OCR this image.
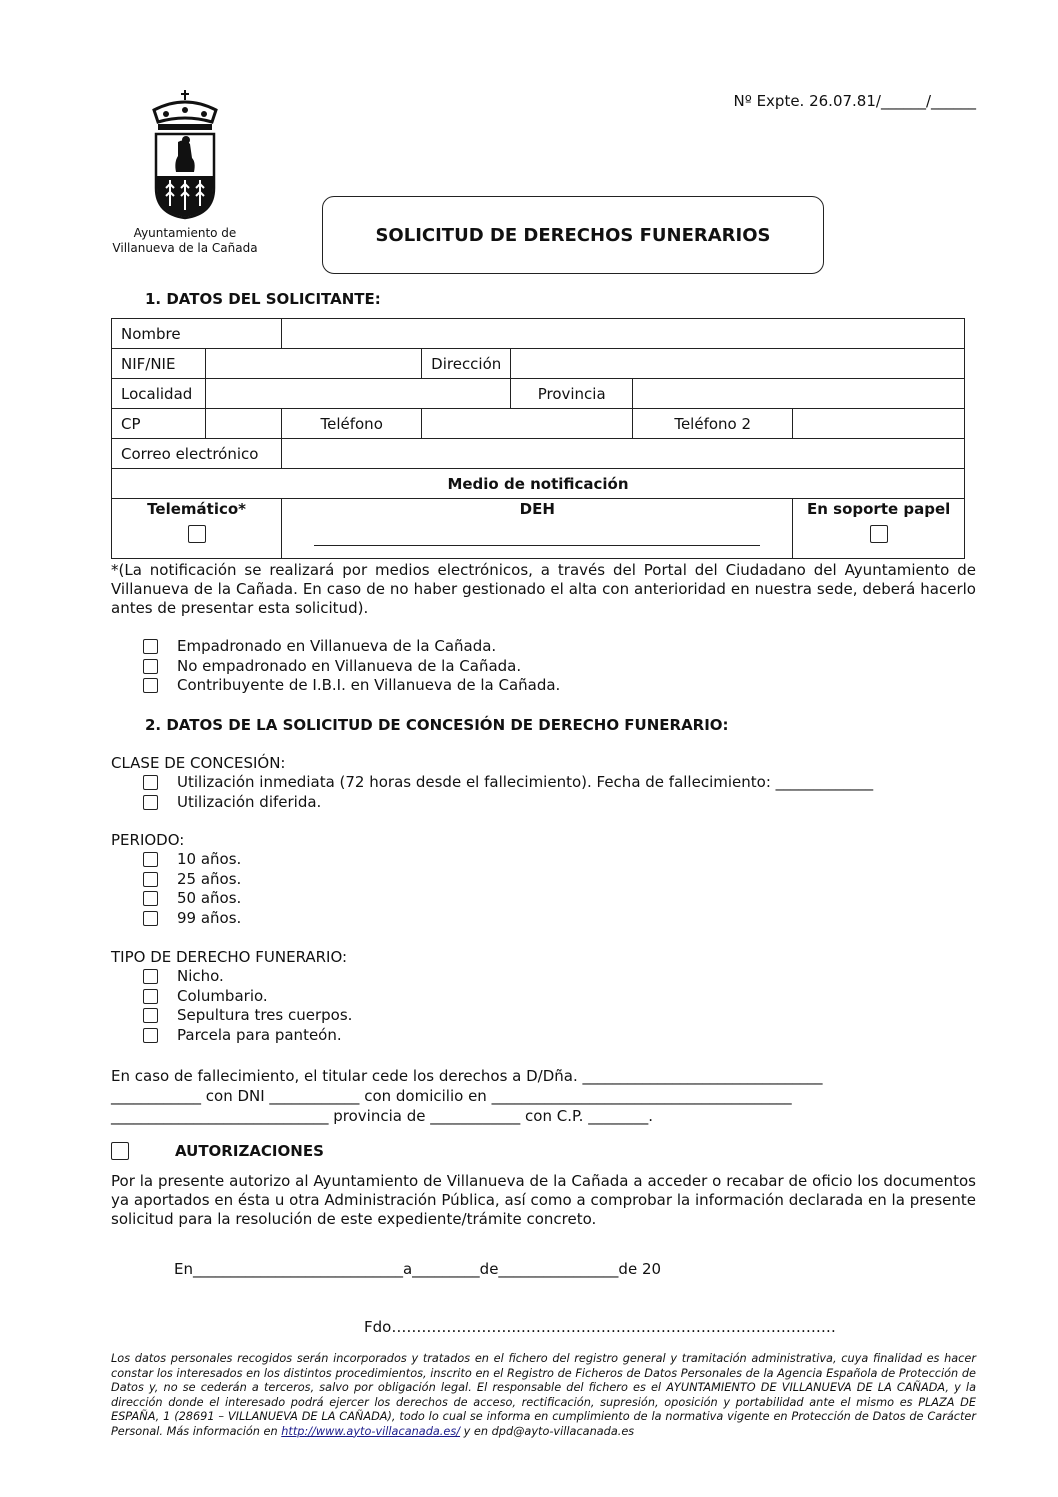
Ayuntamiento de
Villanueva de la Cañada
Nº Expte. 26.07.81/______/______
SOLICITUD DE DERECHOS FUNERARIOS
1. DATOS DEL SOLICITANTE:
Nombre						
NIF/NIE			Dirección			
Localidad				Provincia		
CP		Teléfono			Teléfono 2	
Correo electrónico						
Medio de notificación						

Telemático*		DEH				En soporte papel
*(La notificación se realizará por medios electrónicos, a través del Portal del Ciudadano del Ayuntamiento de Villanueva de la Cañada. En caso de no haber gestionado el alta con anterioridad en nuestra sede, deberá hacerlo antes de presentar esta solicitud).
Empadronado en Villanueva de la Cañada.
No empadronado en Villanueva de la Cañada.
Contribuyente de I.B.I. en Villanueva de la Cañada.
2. DATOS DE LA SOLICITUD DE CONCESIÓN DE DERECHO FUNERARIO:
CLASE DE CONCESIÓN:
Utilización inmediata (72 horas desde el fallecimiento). Fecha de fallecimiento: _____________
Utilización diferida.
PERIODO:
10 años.
25 años.
50 años.
99 años.
TIPO DE DERECHO FUNERARIO:
Nicho.
Columbario.
Sepultura tres cuerpos.
Parcela para panteón.
En caso de fallecimiento, el titular cede los derechos a D/Dña. ________________________________
____________ con DNI ____________ con domicilio en ________________________________________
_____________________________ provincia de ____________ con C.P. ________.
AUTORIZACIONES
Por la presente autorizo al Ayuntamiento de Villanueva de la Cañada a acceder o recabar de oficio los documentos ya aportados en ésta u otra Administración Pública, así como a comprobar la información declarada en la presente solicitud para la resolución de este expediente/trámite concreto.
En____________________________a_________de________________de 20
Fdo……………………..………………………………………………………
Los datos personales recogidos serán incorporados y tratados en el fichero del registro general y tramitación administrativa, cuya finalidad es hacer constar los interesados en los distintos procedimientos, inscrito en el Registro de Ficheros de Datos Personales de la Agencia Española de Protección de Datos y, no se cederán a terceros, salvo por obligación legal. El responsable del fichero es el AYUNTAMIENTO DE VILLANUEVA DE LA CAÑADA, y la dirección donde el interesado podrá ejercer los derechos de acceso, rectificación, supresión, oposición y portabilidad ante el mismo es PLAZA DE ESPAÑA, 1 (28691 – VILLANUEVA DE LA CAÑADA), todo lo cual se informa en cumplimiento de la normativa vigente en Protección de Datos de Carácter Personal. Más información en http://www.ayto-villacanada.es/ y en dpd@ayto-villacanada.es
